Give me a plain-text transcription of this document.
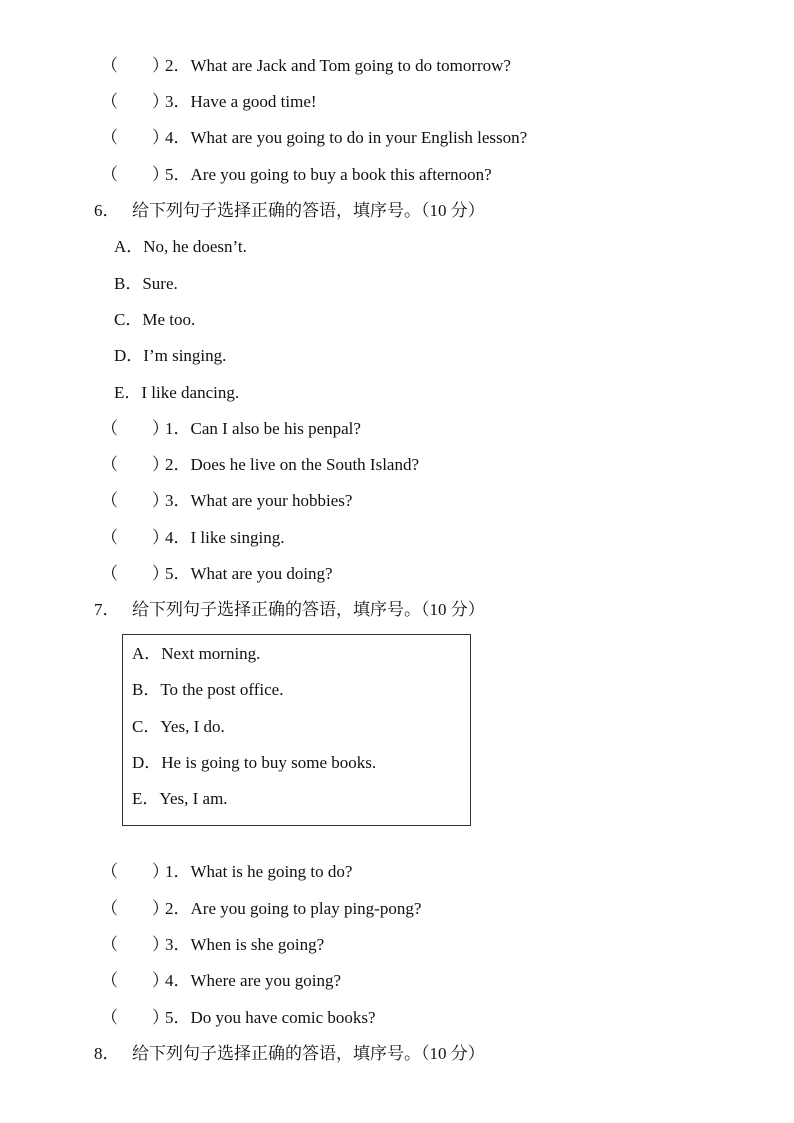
（　　）2．What are Jack and Tom going to do tomorrow?
（　　）3．Have a good time!
（　　）4．What are you going to do in your English lesson?
（　　）5．Are you going to buy a book this afternoon?
6． 给下列句子选择正确的答语，填序号。（10 分）
A．No, he doesn’t.
B．Sure.
C．Me too.
D．I’m singing.
E．I like dancing.
（　　）1．Can I also be his penpal?
（　　）2．Does he live on the South Island?
（　　）3．What are your hobbies?
（　　）4．I like singing.
（　　）5．What are you doing?
7． 给下列句子选择正确的答语，填序号。（10 分）
A．Next morning.
B．To the post office.
C．Yes, I do.
D．He is going to buy some books.
E．Yes, I am.
（　　）1．What is he going to do?
（　　）2．Are you going to play ping-pong?
（　　）3．When is she going?
（　　）4．Where are you going?
（　　）5．Do you have comic books?
8． 给下列句子选择正确的答语，填序号。（10 分）
